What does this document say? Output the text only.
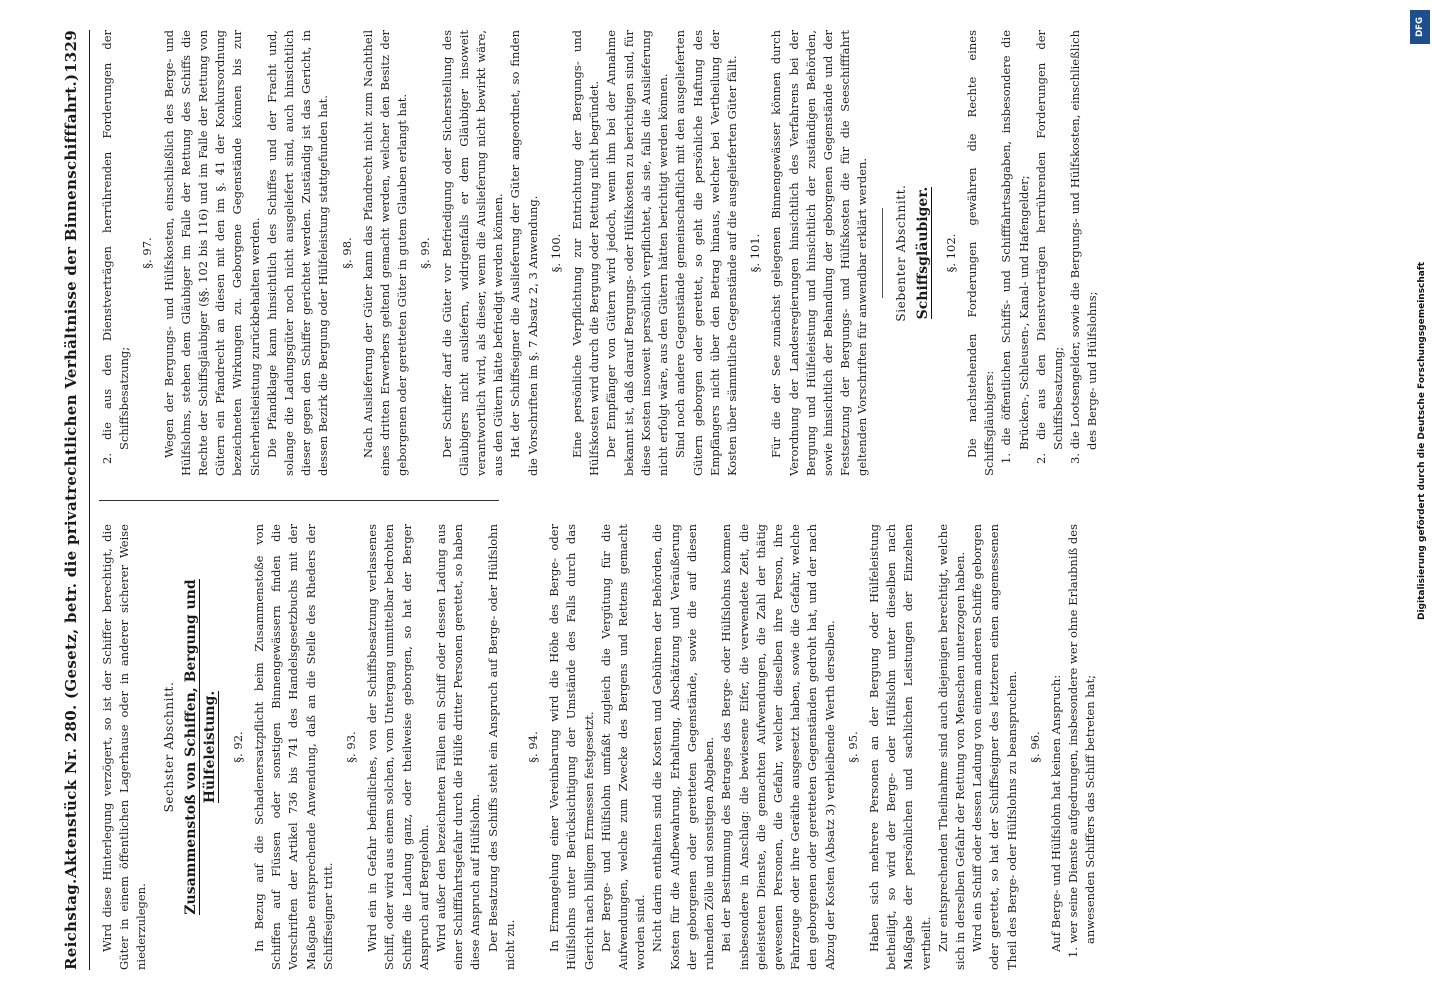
Reichstag.
Aktenstück Nr. 280. (Gesetz, betr. die privatrechtlichen Verhältnisse der Binnenschifffahrt.)
1329

Wird diese Hinterlegung verzögert, so ist der Schiffer berechtigt, die Güter in einem öffentlichen Lagerhause oder in anderer sicherer Weise niederzulegen.

Sechster Abschnitt. Zusammenstoß von Schiffen, Bergung und Hülfeleistung. §. 92. In Bezug auf die Schadenersatzpflicht beim Zusammenstoße von Schiffen auf Flüssen oder sonstigen Binnengewässern finden die Vorschriften der Artikel 736 bis 741 des Handelsgesetzbuchs mit der Maßgabe entsprechende Anwendung, daß an die Stelle des Rheders der Schiffseigner tritt.

§. 93. Wird ein in Gefahr befindliches, von der Schiffsbesatzung verlassenes Schiff, oder wird aus einem solchen, vom Untergang unmittelbar bedrohten Schiffe die Ladung ganz, oder theilweise geborgen, so hat der Berger Anspruch auf Bergelohn. Wird außer den bezeichneten Fällen ein Schiff oder dessen Ladung aus einer Schifffahrtsgefahr durch die Hülfe dritter Personen gerettet, so haben diese Anspruch auf Hülfslohn. Der Besatzung des Schiffs steht ein Anspruch auf Berge- oder Hülfslohn nicht zu.

§. 94. In Ermangelung einer Vereinbarung wird die Höhe des Berge- oder Hülfslohns unter Berücksichtigung der Umstände des Falls durch das Gericht nach billigem Ermessen festgesetzt. Der Berge- und Hülfslohn umfaßt zugleich die Vergütung für die Aufwendungen, welche zum Zwecke des Bergens und Rettens gemacht worden sind. Nicht darin enthalten sind die Kosten und Gebühren der Behörden, die Kosten für die Aufbewahrung, Erhaltung, Abschätzung und Veräußerung der geborgenen oder geretteten Gegenstände, sowie die auf diesen ruhenden Zölle und sonstigen Abgaben. Bei der Bestimmung des Betrages des Berge- oder Hülfslohns kommen insbesondere in Anschlag: die bewiesene Eifer, die verwendete Zeit, die geleisteten Dienste, die gemachten Aufwendungen, die Zahl der thätig gewesenen Personen, die Gefahr, welcher dieselben ihre Person, ihre Fahrzeuge oder ihre Geräthe ausgesetzt haben, sowie die Gefahr, welche den geborgenen oder geretteten Gegenständen gedroht hat, und der nach Abzug der Kosten (Absatz 3) verbleibende Werth derselben. §. 95. Haben sich mehrere Personen an der Bergung oder Hülfeleistung betheiligt, so wird der Berge- oder Hülfslohn unter dieselben nach Maßgabe der persönlichen und sachlichen Leistungen der Einzelnen vertheilt. Zur entsprechenden Theilnahme sind auch diejenigen berechtigt, welche sich in derselben Gefahr der Rettung von Menschen unterzogen haben. Wird ein Schiff oder dessen Ladung von einem anderen Schiffe geborgen oder gerettet, so hat der Schiffseigner des letzteren einen angemessenen Theil des Berge- oder Hülfslohns zu beanspruchen. §. 96. Auf Berge- und Hülfslohn hat keinen Anspruch: 1. wer seine Dienste aufgedrungen, insbesondere wer ohne Erlaubniß des anwesenden Schiffers das Schiff betreten hat;

2. die aus den Dienstverträgen herrührenden Forderungen der Schiffsbesatzung;

§. 97. Wegen der Bergungs- und Hülfskosten, einschließlich des Berge- und Hülfslohns, stehen dem Gläubiger im Falle der Rettung des Schiffs die Rechte der Schiffsgläubiger (§§. 102 bis 116) und im Falle der Rettung von Gütern ein Pfandrecht an diesen mit den im §. 41 der Konkursordnung bezeichneten Wirkungen zu. Geborgene Gegenstände können bis zur Sicherheitsleistung zurückbehalten werden. Die Pfandklage kann hinsichtlich des Schiffes und der Fracht und, solange die Ladungsgüter noch nicht ausgeliefert sind, auch hinsichtlich dieser gegen den Schiffer gerichtet werden. Zuständig ist das Gericht, in dessen Bezirk die Bergung oder Hülfeleistung stattgefunden hat. §. 98. Nach Auslieferung der Güter kann das Pfandrecht nicht zum Nachtheil eines dritten Erwerbers geltend gemacht werden, welcher den Besitz der geborgenen oder geretteten Güter in gutem Glauben erlangt hat. §. 99. Der Schiffer darf die Güter vor Befriedigung oder Sicherstellung des Gläubigers nicht ausliefern, widrigenfalls er dem Gläubiger insoweit verantwortlich wird, als dieser, wenn die Auslieferung nicht bewirkt wäre, aus den Gütern hätte befriedigt werden können. Hat der Schiffseigner die Auslieferung der Güter angeordnet, so finden die Vorschriften im §. 7 Absatz 2, 3 Anwendung. §. 100. Eine persönliche Verpflichtung zur Entrichtung der Bergungs- und Hülfskosten wird durch die Bergung oder Rettung nicht begründet. Der Empfänger von Gütern wird jedoch, wenn ihm bei der Annahme bekannt ist, daß darauf Bergungs- oder Hülfskosten zu berichtigen sind, für diese Kosten insoweit persönlich verpflichtet, als sie, falls die Auslieferung nicht erfolgt wäre, aus den Gütern hätten berichtigt werden können. Sind noch andere Gegenstände gemeinschaftlich mit den ausgelieferten Gütern geborgen oder gerettet, so geht die persönliche Haftung des Empfängers nicht über den Betrag hinaus, welcher bei Vertheilung der Kosten über sämmtliche Gegenstände auf die ausgelieferten Güter fällt. §. 101. Für die der See zunächst gelegenen Binnengewässer können durch Verordnung der Landesregierungen hinsichtlich des Verfahrens bei der Bergung und Hülfeleistung und hinsichtlich der zuständigen Behörden, sowie hinsichtlich der Behandlung der geborgenen Gegenstände und der Festsetzung der Bergungs- und Hülfskosten die für die Seeschifffahrt geltenden Vorschriften für anwendbar erklärt werden. Siebenter Abschnitt. Schiffsgläubiger. §. 102. Die nachstehenden Forderungen gewähren die Rechte eines Schiffsgläubigers: 1. die öffentlichen Schiffs- und Schifffahrtsabgaben, insbesondere die Brücken-, Schleusen-, Kanal- und Hafengelder; 2. die aus den Dienstverträgen herrührenden Forderungen der Schiffsbesatzung; 3. die Lootsengelder, sowie die Bergungs- und Hülfskosten, einschließlich des Berge- und Hülfslohns;

DFG
Digitalisierung gefördert durch die Deutsche Forschungsgemeinschaft
